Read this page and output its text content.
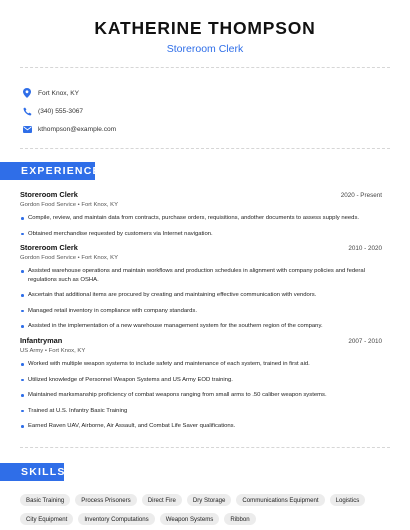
KATHERINE THOMPSON
Storeroom Clerk
Fort Knox, KY
(340) 555-3067
kthompson@example.com
EXPERIENCE
Storeroom Clerk	2020 - Present
Gordon Food Service • Fort Knox, KY
Compile, review, and maintain data from contracts, purchase orders, requisitions, andother documents to assess supply needs.
Obtained merchandise requested by customers via Internet navigation.
Storeroom Clerk	2010 - 2020
Gordon Food Service • Fort Knox, KY
Assisted warehouse operations and maintain workflows and production schedules in alignment with company policies and federal regulations such as OSHA.
Ascertain that additional items are procured by creating and maintaining effective communication with vendors.
Managed retail inventory in compliance with company standards.
Assisted in the implementation of a new warehouse management system for the southern region of the company.
Infantryman	2007 - 2010
US Army • Fort Knox, KY
Worked with multiple weapon systems to include safety and maintenance of each system, trained in first aid.
Utilized knowledge of Personnel Weapon Systems and US Army EOD training.
Maintained marksmanship proficiency of combat weapons ranging from small arms to .50 caliber weapon systems.
Trained at U.S. Infantry Basic Training
Earned Raven UAV, Airborne, Air Assault, and Combat Life Saver qualifications.
SKILLS
Basic Training	Process Prisoners	Direct Fire	Dry Storage	Communications Equipment	Logistics
City Equipment	Inventory Computations	Weapon Systems	Ribbon
